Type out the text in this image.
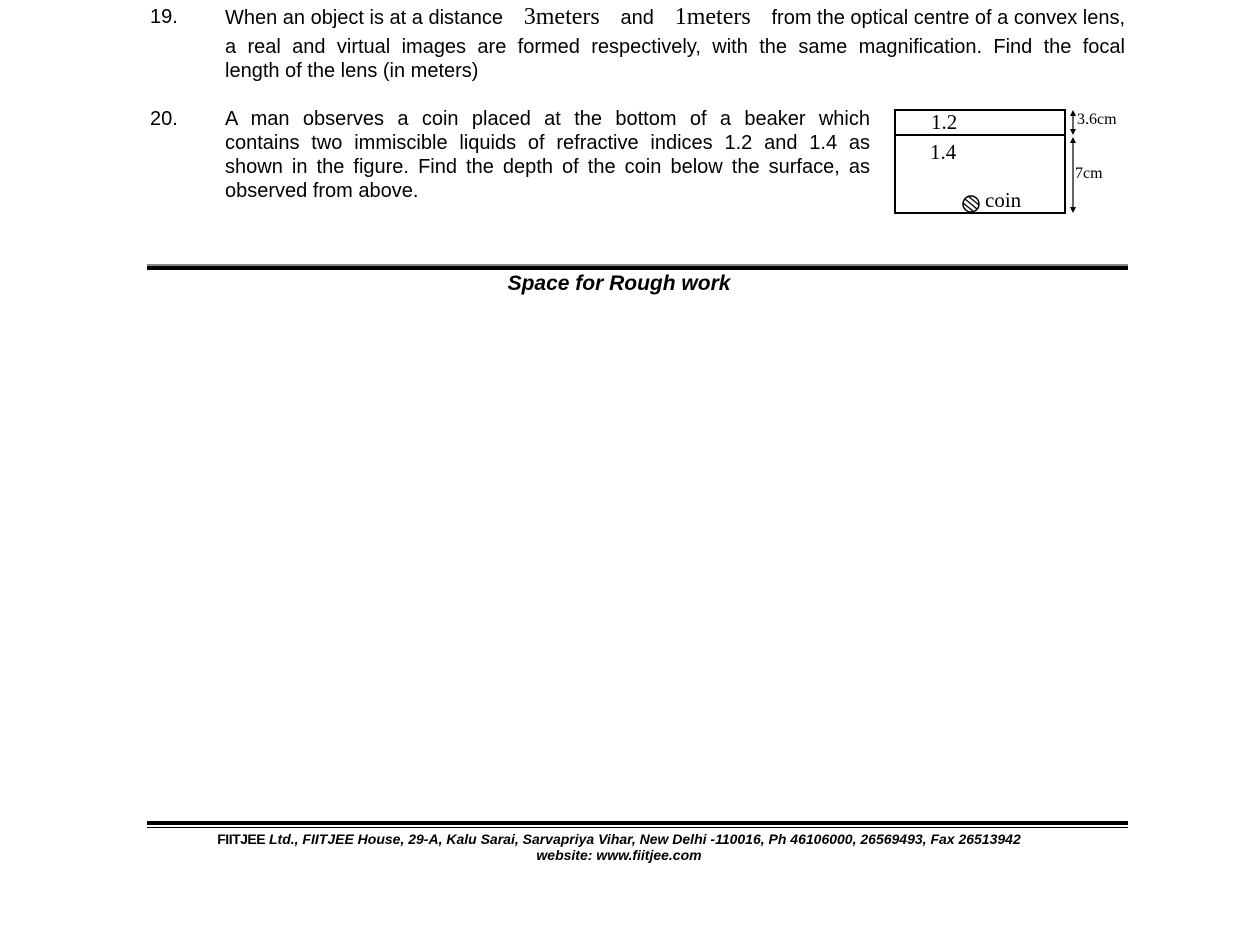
19. When an object is at a distance 3meters and 1meters from the optical centre of a convex lens,
a real and virtual images are formed respectively, with the same magnification. Find the focal
length of the lens (in meters)
20. A man observes a coin placed at the bottom of a beaker which
contains two immiscible liquids of refractive indices 1.2 and 1.4 as
shown in the figure. Find the depth of the coin below the surface, as
observed from above.
1.2
1.4
3.6cm
7cm
coin
Space for Rough work
FIITJEE Ltd., FIITJEE House, 29-A, Kalu Sarai, Sarvapriya Vihar, New Delhi -110016, Ph 46106000, 26569493, Fax 26513942
website: www.fiitjee.com
